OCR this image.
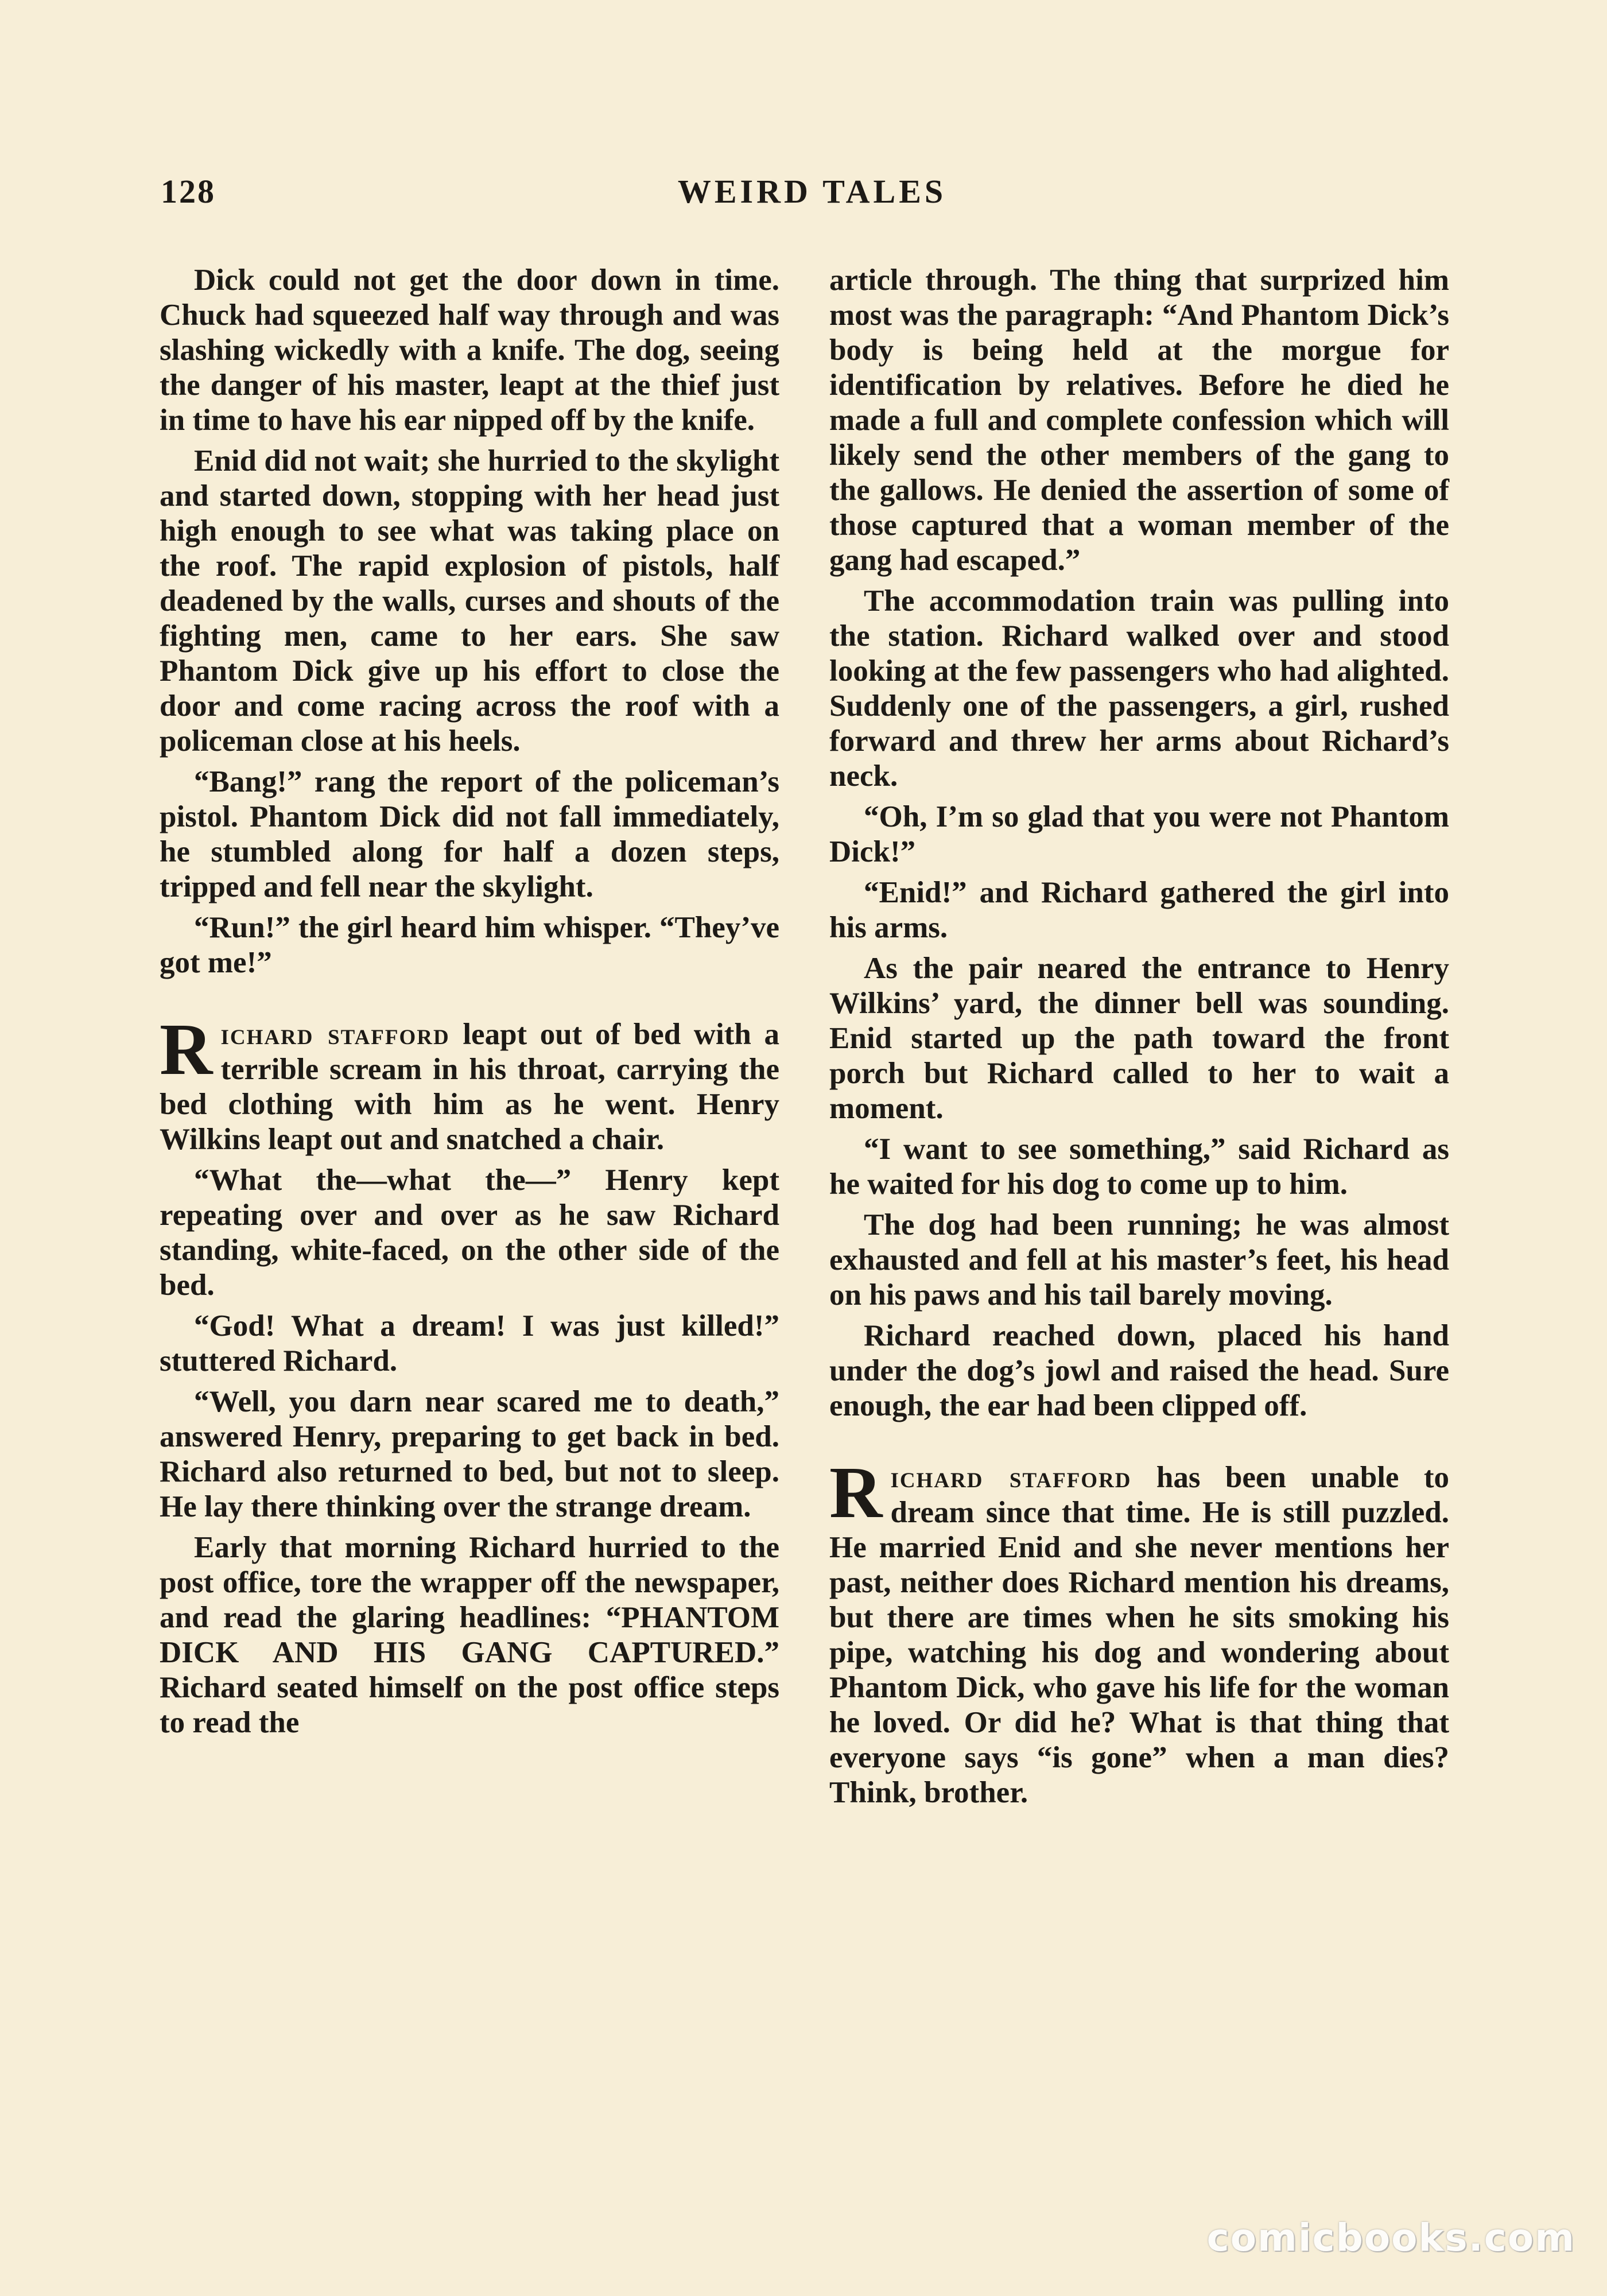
128	WEIRD TALES

Dick could not get the door down in time. Chuck had squeezed half way through and was slashing wickedly with a knife. The dog, seeing the danger of his master, leapt at the thief just in time to have his ear nipped off by the knife.

Enid did not wait; she hurried to the skylight and started down, stopping with her head just high enough to see what was taking place on the roof. The rapid explosion of pistols, half deadened by the walls, curses and shouts of the fighting men, came to her ears. She saw Phantom Dick give up his effort to close the door and come racing across the roof with a policeman close at his heels.

“Bang!” rang the report of the policeman’s pistol. Phantom Dick did not fall immediately, he stumbled along for half a dozen steps, tripped and fell near the skylight.

“Run!” the girl heard him whisper. “They’ve got me!”

Richard stafford leapt out of bed with a terrible scream in his throat, carrying the bed clothing with him as he went. Henry Wilkins leapt out and snatched a chair.

“What the—what the—” Henry kept repeating over and over as he saw Richard standing, white-faced, on the other side of the bed.

“God! What a dream! I was just killed!” stuttered Richard.

“Well, you darn near scared me to death,” answered Henry, preparing to get back in bed. Richard also returned to bed, but not to sleep. He lay there thinking over the strange dream.

Early that morning Richard hurried to the post office, tore the wrapper off the newspaper, and read the glaring headlines: “PHANTOM DICK AND HIS GANG CAPTURED.” Richard seated himself on the post office steps to read the

article through. The thing that surprized him most was the paragraph: “And Phantom Dick’s body is being held at the morgue for identification by relatives. Before he died he made a full and complete confession which will likely send the other members of the gang to the gallows. He denied the assertion of some of those captured that a woman member of the gang had escaped.”

The accommodation train was pulling into the station. Richard walked over and stood looking at the few passengers who had alighted. Suddenly one of the passengers, a girl, rushed forward and threw her arms about Richard’s neck.

“Oh, I’m so glad that you were not Phantom Dick!”

“Enid!” and Richard gathered the girl into his arms.

As the pair neared the entrance to Henry Wilkins’ yard, the dinner bell was sounding. Enid started up the path toward the front porch but Richard called to her to wait a moment.

“I want to see something,” said Richard as he waited for his dog to come up to him.

The dog had been running; he was almost exhausted and fell at his master’s feet, his head on his paws and his tail barely moving.

Richard reached down, placed his hand under the dog’s jowl and raised the head. Sure enough, the ear had been clipped off.

Richard stafford has been unable to dream since that time. He is still puzzled. He married Enid and she never mentions her past, neither does Richard mention his dreams, but there are times when he sits smoking his pipe, watching his dog and wondering about Phantom Dick, who gave his life for the woman he loved. Or did he? What is that thing that everyone says “is gone” when a man dies? Think, brother.

comicbooks.com
